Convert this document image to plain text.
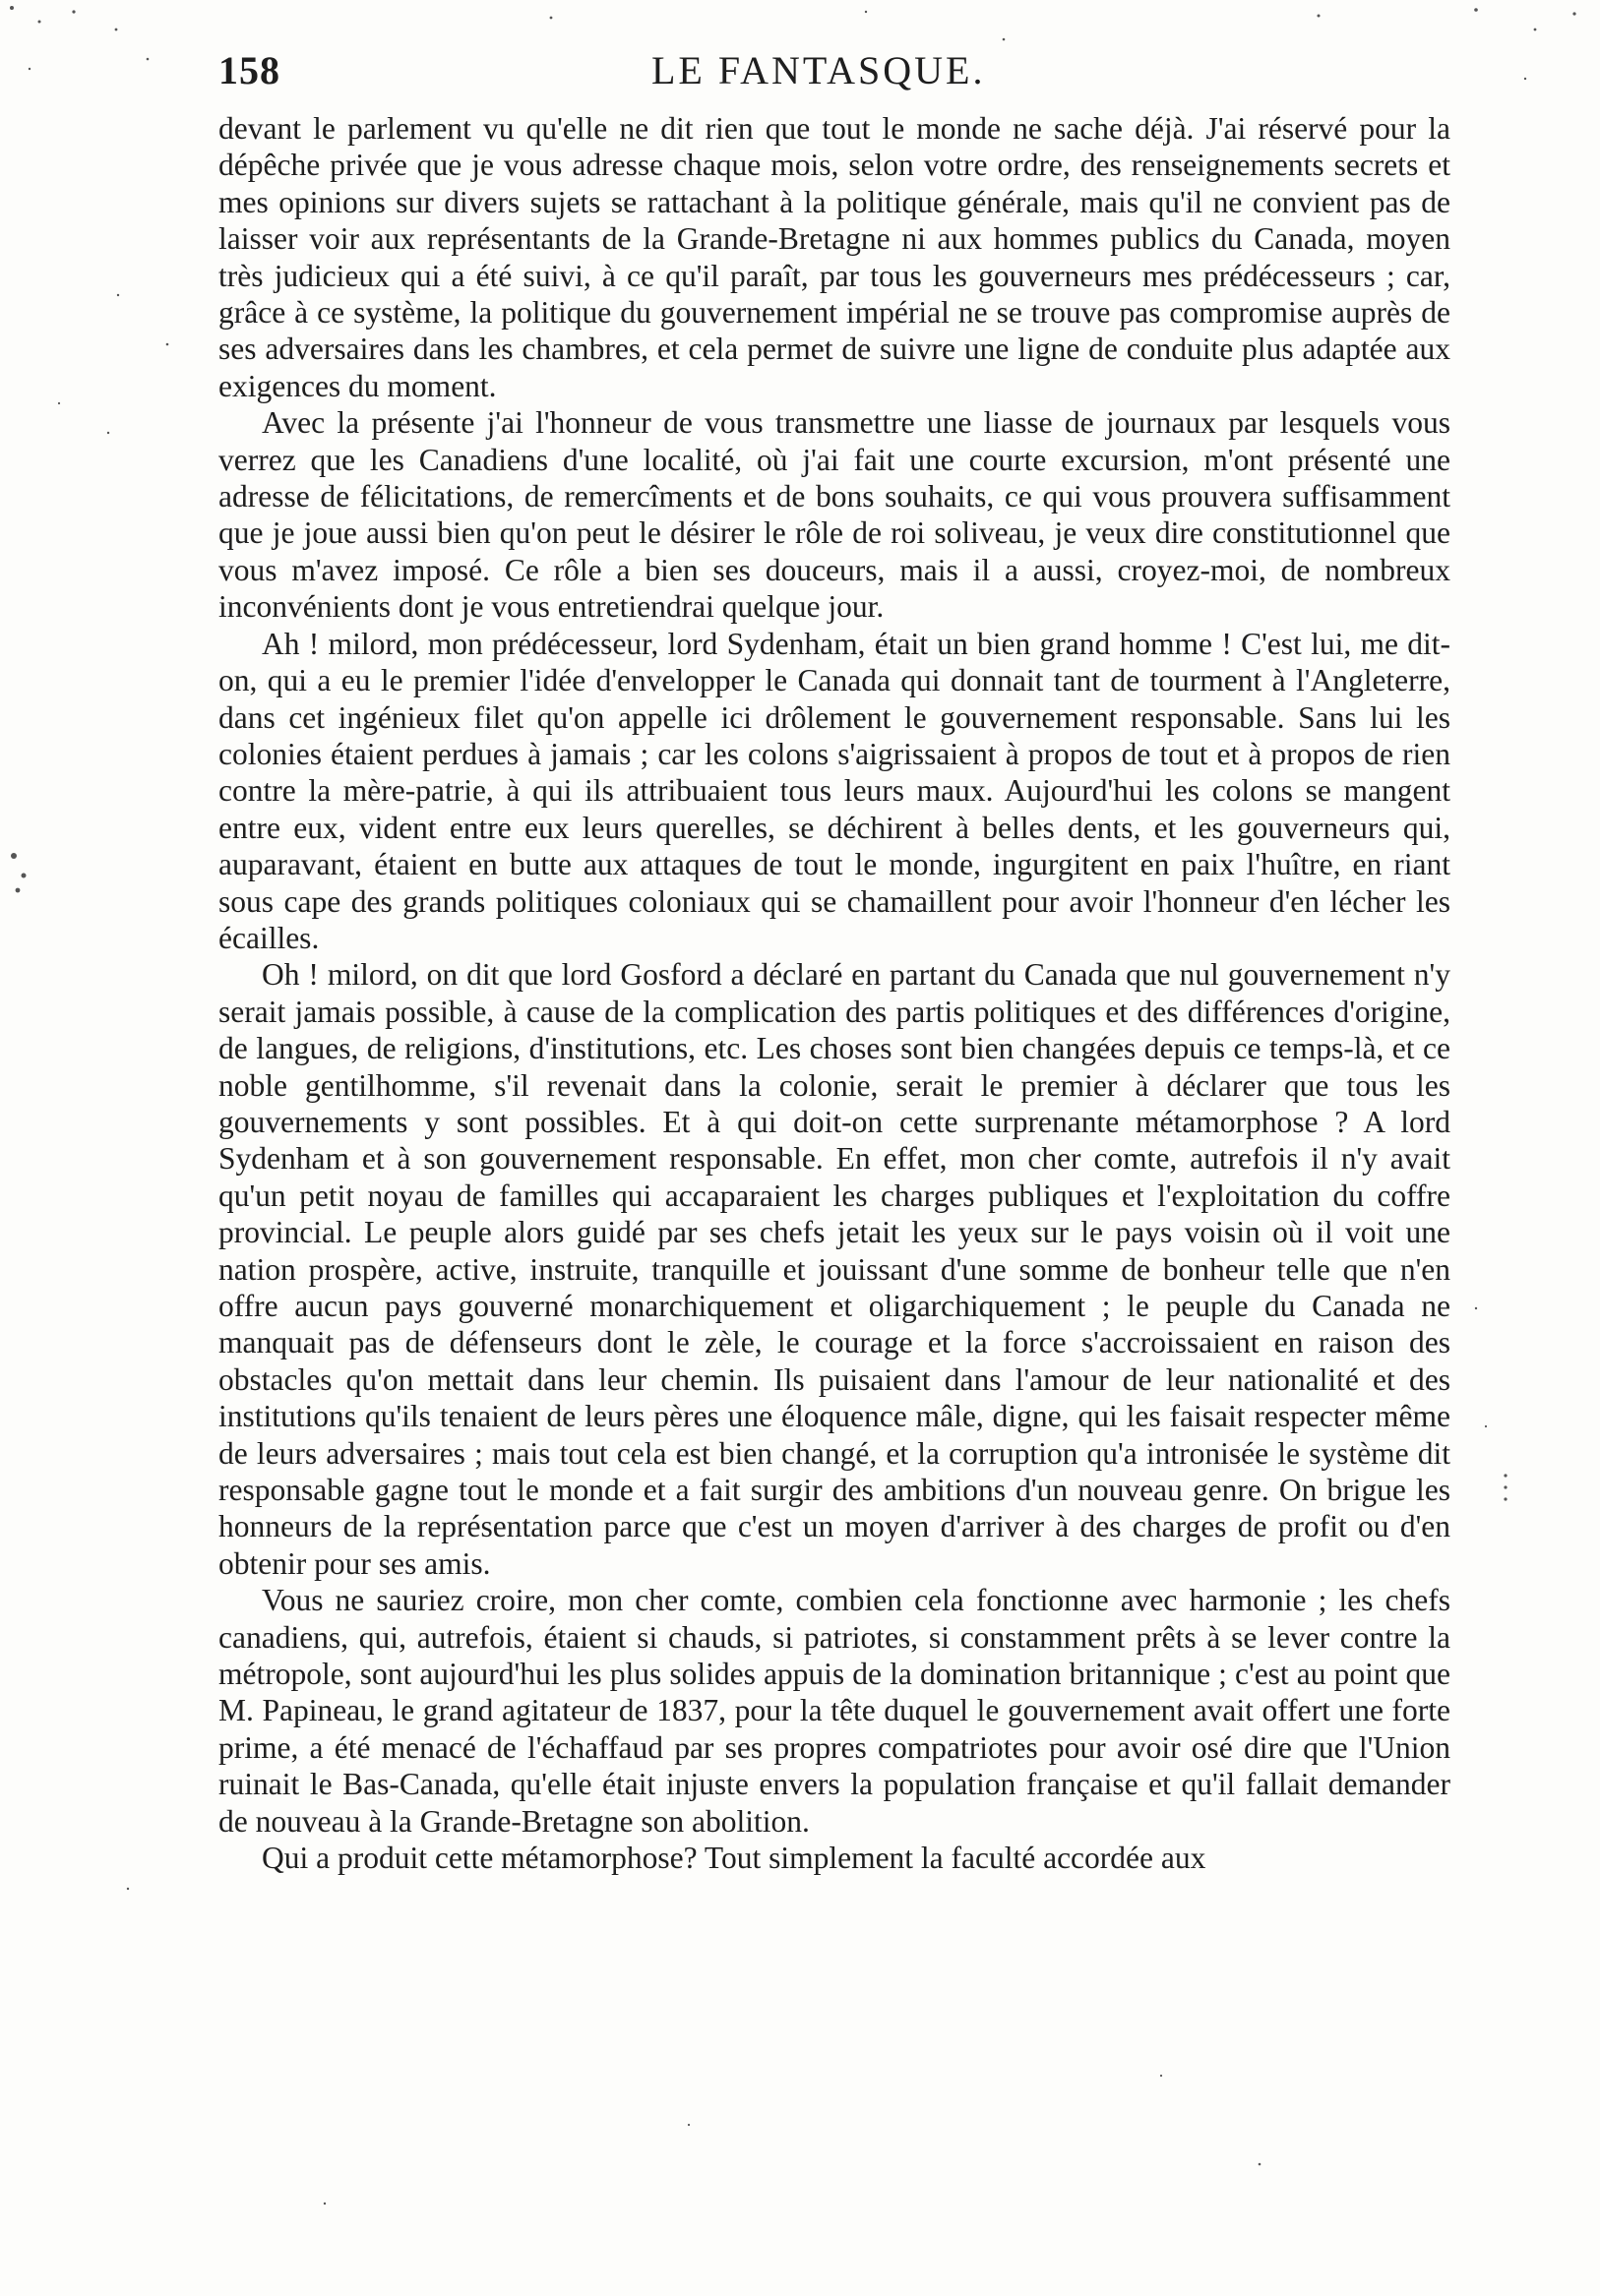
158	LE FANTASQUE.

devant le parlement vu qu'elle ne dit rien que tout le monde ne sache déjà. J'ai réservé pour la dépêche privée que je vous adresse chaque mois, selon votre ordre, des renseignements secrets et mes opinions sur divers sujets se rattachant à la politique générale, mais qu'il ne convient pas de laisser voir aux représentants de la Grande-Bretagne ni aux hommes publics du Canada, moyen très judicieux qui a été suivi, à ce qu'il paraît, par tous les gouverneurs mes prédécesseurs ; car, grâce à ce système, la politique du gouvernement impérial ne se trouve pas compromise auprès de ses adversaires dans les chambres, et cela permet de suivre une ligne de conduite plus adaptée aux exigences du moment.

Avec la présente j'ai l'honneur de vous transmettre une liasse de journaux par lesquels vous verrez que les Canadiens d'une localité, où j'ai fait une courte excursion, m'ont présenté une adresse de félicitations, de remercîments et de bons souhaits, ce qui vous prouvera suffisamment que je joue aussi bien qu'on peut le désirer le rôle de roi soliveau, je veux dire constitutionnel que vous m'avez imposé. Ce rôle a bien ses douceurs, mais il a aussi, croyez-moi, de nombreux inconvénients dont je vous entretiendrai quelque jour.

Ah ! milord, mon prédécesseur, lord Sydenham, était un bien grand homme ! C'est lui, me dit-on, qui a eu le premier l'idée d'envelopper le Canada qui donnait tant de tourment à l'Angleterre, dans cet ingénieux filet qu'on appelle ici drôlement le gouvernement responsable. Sans lui les colonies étaient perdues à jamais ; car les colons s'aigrissaient à propos de tout et à propos de rien contre la mère-patrie, à qui ils attribuaient tous leurs maux. Aujourd'hui les colons se mangent entre eux, vident entre eux leurs querelles, se déchirent à belles dents, et les gouverneurs qui, auparavant, étaient en butte aux attaques de tout le monde, ingurgitent en paix l'huître, en riant sous cape des grands politiques coloniaux qui se chamaillent pour avoir l'honneur d'en lécher les écailles.

Oh ! milord, on dit que lord Gosford a déclaré en partant du Canada que nul gouvernement n'y serait jamais possible, à cause de la complication des partis politiques et des différences d'origine, de langues, de religions, d'institutions, etc. Les choses sont bien changées depuis ce temps-là, et ce noble gentilhomme, s'il revenait dans la colonie, serait le premier à déclarer que tous les gouvernements y sont possibles. Et à qui doit-on cette surprenante métamorphose ? A lord Sydenham et à son gouvernement responsable. En effet, mon cher comte, autrefois il n'y avait qu'un petit noyau de familles qui accaparaient les charges publiques et l'exploitation du coffre provincial. Le peuple alors guidé par ses chefs jetait les yeux sur le pays voisin où il voit une nation prospère, active, instruite, tranquille et jouissant d'une somme de bonheur telle que n'en offre aucun pays gouverné monarchiquement et oligarchiquement ; le peuple du Canada ne manquait pas de défenseurs dont le zèle, le courage et la force s'accroissaient en raison des obstacles qu'on mettait dans leur chemin. Ils puisaient dans l'amour de leur nationalité et des institutions qu'ils tenaient de leurs pères une éloquence mâle, digne, qui les faisait respecter même de leurs adversaires ; mais tout cela est bien changé, et la corruption qu'a intronisée le système dit responsable gagne tout le monde et a fait surgir des ambitions d'un nouveau genre. On brigue les honneurs de la représentation parce que c'est un moyen d'arriver à des charges de profit ou d'en obtenir pour ses amis.

Vous ne sauriez croire, mon cher comte, combien cela fonctionne avec harmonie ; les chefs canadiens, qui, autrefois, étaient si chauds, si patriotes, si constamment prêts à se lever contre la métropole, sont aujourd'hui les plus solides appuis de la domination britannique ; c'est au point que M. Papineau, le grand agitateur de 1837, pour la tête duquel le gouvernement avait offert une forte prime, a été menacé de l'échaffaud par ses propres compatriotes pour avoir osé dire que l'Union ruinait le Bas-Canada, qu'elle était injuste envers la population française et qu'il fallait demander de nouveau à la Grande-Bretagne son abolition.

Qui a produit cette métamorphose? Tout simplement la faculté accordée aux
